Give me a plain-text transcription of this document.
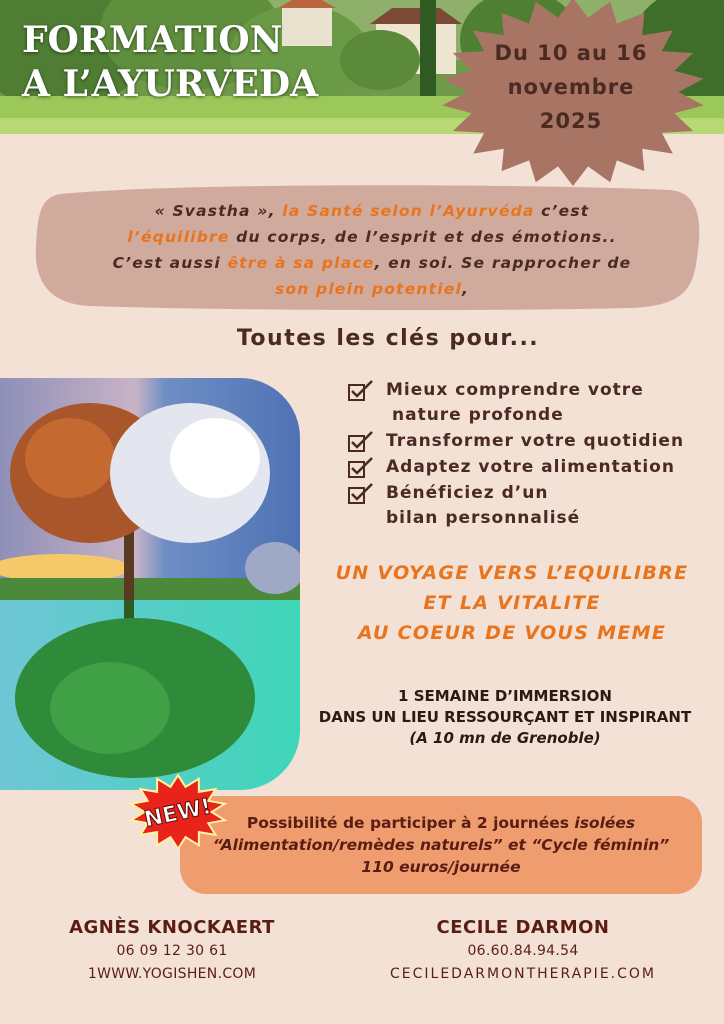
FORMATION
A L’AYURVEDA
Du 10 au 16
novembre
2025
« Svastha », la Santé selon l’Ayurvéda c’est
l’équilibre du corps, de l’esprit et des émotions..
C’est aussi être à sa place, en soi. Se rapprocher de
son plein potentiel,
Toutes les clés pour...
Mieux comprendre votre
nature profonde
Transformer votre quotidien
Adaptez votre alimentation
Bénéficiez d’un
bilan personnalisé
UN VOYAGE VERS L’EQUILIBRE
ET LA VITALITE
AU COEUR DE VOUS MEME
1 SEMAINE D’IMMERSION
DANS UN LIEU RESSOURÇANT ET INSPIRANT
(A 10 mn de Grenoble)
NEW!	Possibilité de participer à 2 journées isolées
“Alimentation/remèdes naturels” et “Cycle féminin”
110 euros/journée
AGNÈS KNOCKAERT
06 09 12 30 61
1WWW.YOGISHEN.COM
CECILE DARMON
06.60.84.94.54
CECILEDARMONTHERAPIE.COM
